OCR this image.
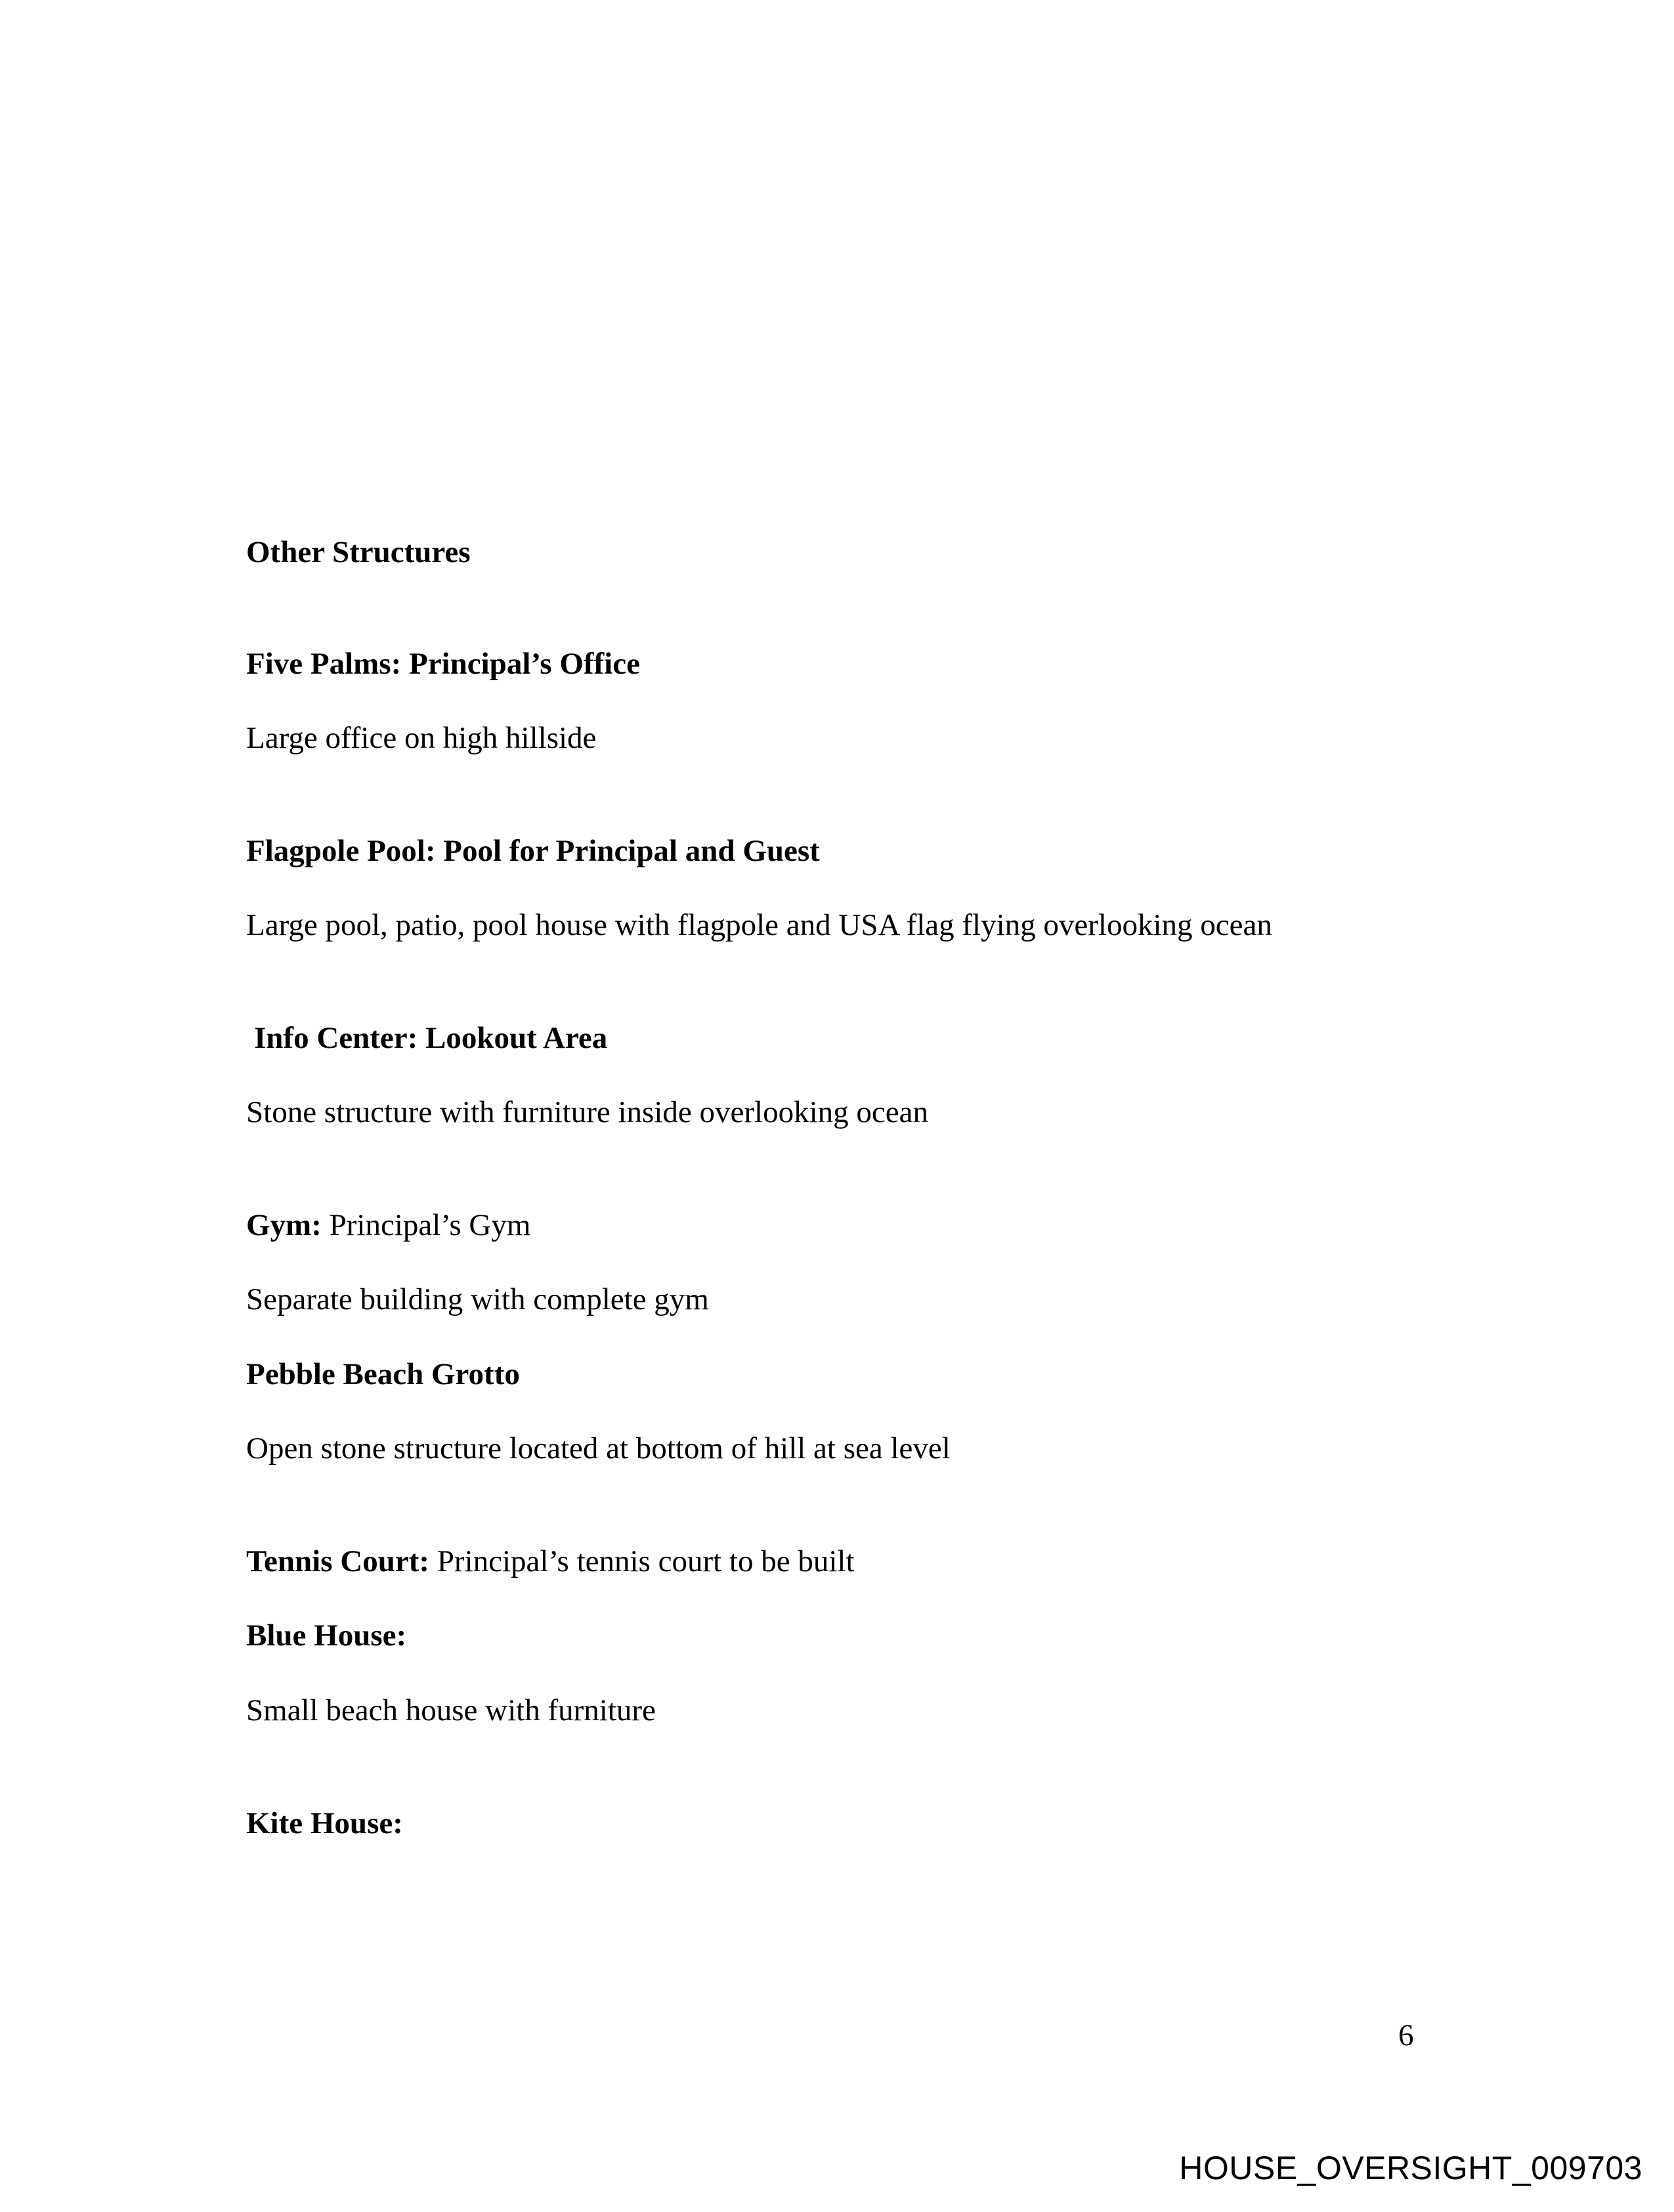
Other Structures
Five Palms: Principal’s Office
Large office on high hillside
Flagpole Pool: Pool for Principal and Guest
Large pool, patio, pool house with flagpole and USA flag flying overlooking ocean
Info Center: Lookout Area
Stone structure with furniture inside overlooking ocean
Gym: Principal’s Gym
Separate building with complete gym
Pebble Beach Grotto
Open stone structure located at bottom of hill at sea level
Tennis Court: Principal’s tennis court to be built
Blue House:
Small beach house with furniture
Kite House:
6
HOUSE_OVERSIGHT_009703
